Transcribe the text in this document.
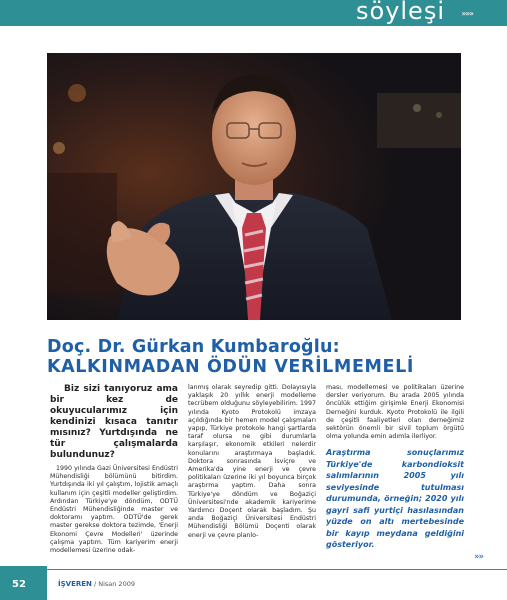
söyleşi »»»
Doç. Dr. Gürkan Kumbaroğlu:
KALKINMADAN ÖDÜN VERİLMEMELİ
Biz sizi tanıyoruz ama bir kez de okuyucularımız için kendinizi kısaca tanıtır mısınız? Yurtdışında ne tür çalışmalarda bulundunuz?

1990 yılında Gazi Üniversitesi Endüstri Mühendisliği bölümünü bitirdim. Yurtdışında iki yıl çalıştım, lojistik amaçlı kullanım için çeşitli modeller geliştirdim. Ardından Türkiye'ye döndüm, ODTÜ Endüstri Mühendisliğinde master ve doktoramı yaptım. ODTÜ'de gerek master gerekse doktora tezimde, 'Enerji Ekonomi Çevre Modelleri' üzerinde çalışma yaptım. Tüm kariyerim enerji modellemesi üzerine odak-

lanmış olarak seyredip gitti. Dolayısıyla yaklaşık 20 yıllık enerji modelleme tecrübem olduğunu söyleyebilirim. 1997 yılında Kyoto Protokolü imzaya açıldığında bir hemen model çalışmaları yapıp, Türkiye protokole hangi şartlarda taraf olursa ne gibi durumlarla karşılaşır, ekonomik etkileri nelerdir konularını araştırmaya başladık. Doktora sonrasında İsviçre ve Amerika'da yine enerji ve çevre politikaları üzerine iki yıl boyunca birçok araştırma yaptım. Daha sonra Türkiye'ye döndüm ve Boğaziçi Üniversitesi'nde akademik kariyerime Yardımcı Doçent olarak başladım. Şu anda Boğaziçi Üniversitesi Endüstri Mühendisliği Bölümü Doçenti olarak enerji ve çevre planlo-

ması, modellemesi ve politikaları üzerine dersler veriyorum. Bu arada 2005 yılında öncülük ettiğim girişimle Enerji Ekonomisi Derneğini kurduk. Kyoto Protokolü ile ilgili de çeşitli faaliyetleri olan derneğimiz sektörün önemli bir sivil toplum örgütü olma yolunda emin adımla ilerliyor.

Araştırma sonuçlarımız Türkiye'de karbondioksit salımlarının 2005 yılı seviyesinde tutulması durumunda, örneğin; 2020 yılı gayri safi yurtiçi hasılasından yüzde on altı mertebesinde bir kayıp meydana geldiğini gösteriyor.
»»
52	İŞVEREN / Nisan 2009
